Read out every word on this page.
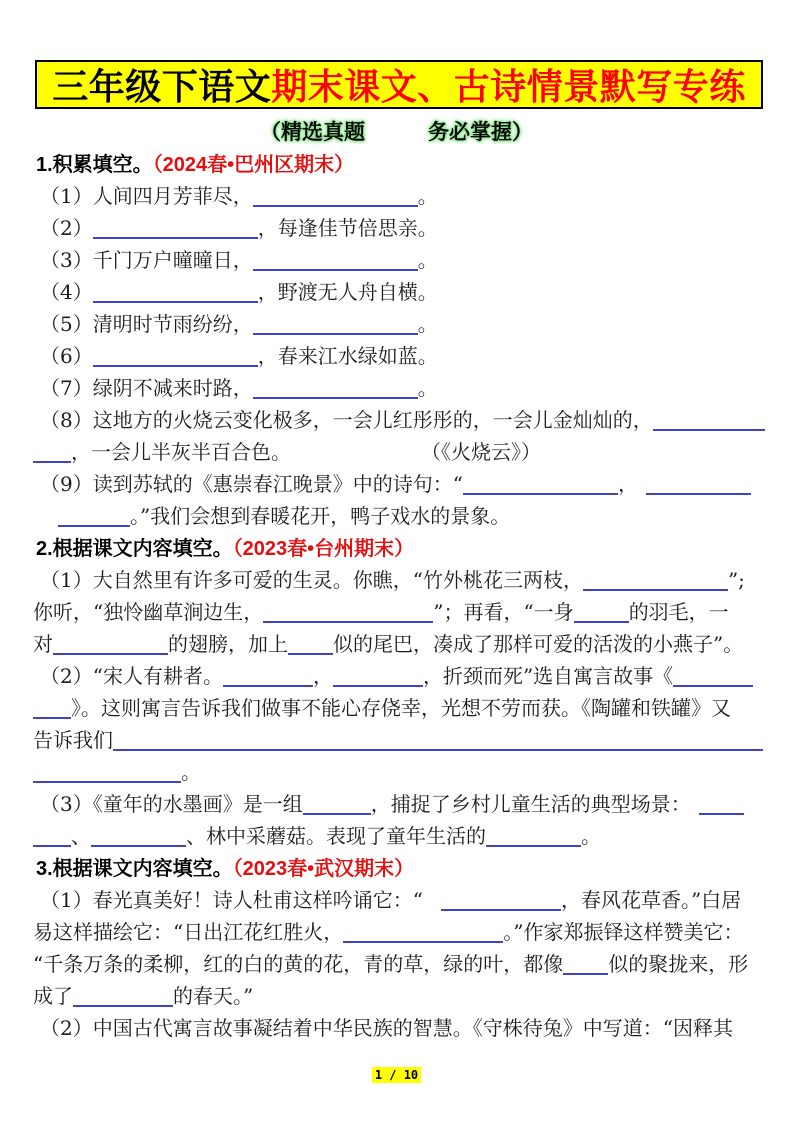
三年级下语文 期末课文、古诗情景默写专练
（精选真题　　　务必掌握）
1.积累填空。（2024春•巴州区期末）
（1）人间四月芳菲尽，	。
（2）	，每逢佳节倍思亲。
（3）千门万户曈曈日，	。
（4）	，野渡无人舟自横。
（5）清明时节雨纷纷，	。
（6）	，春来江水绿如蓝。
（7）绿阴不减来时路，	。
（8）这地方的火烧云变化极多，一会儿红彤彤的，一会儿金灿灿的，
，一会儿半灰半百合色。	（《火烧云》）
（9）读到苏轼的《惠崇春江晚景》中的诗句：“	，
。”我们会想到春暖花开，鸭子戏水的景象。
2.根据课文内容填空。（2023春•台州期末）
（1）大自然里有许多可爱的生灵。你瞧，“竹外桃花三两枝，	”;
你听，“独怜幽草涧边生，	”；再看，“一身	的羽毛，一
对	的翅膀，加上 似的尾巴，凑成了那样可爱的活泼的小燕子”。
（2）“宋人有耕者。	，	，折颈而死”选自寓言故事《
》。这则寓言告诉我们做事不能心存侥幸，光想不劳而获。《陶罐和铁罐》又
告诉我们
。
（3）《童年的水墨画》是一组	，捕捉了乡村儿童生活的典型场景：
、	、林中采蘑菇。表现了童年生活的	。
3.根据课文内容填空。（2023春•武汉期末）
（1）春光真美好！诗人杜甫这样吟诵它：“	，春风花草香。”白居
易这样描绘它：“日出江花红胜火，	。”作家郑振铎这样赞美它：
“千条万条的柔柳，红的白的黄的花，青的草，绿的叶，都像 似的聚拢来，形
成了	的春天。”
（2）中国古代寓言故事凝结着中华民族的智慧。《守株待兔》中写道：“因释其
1 / 10
